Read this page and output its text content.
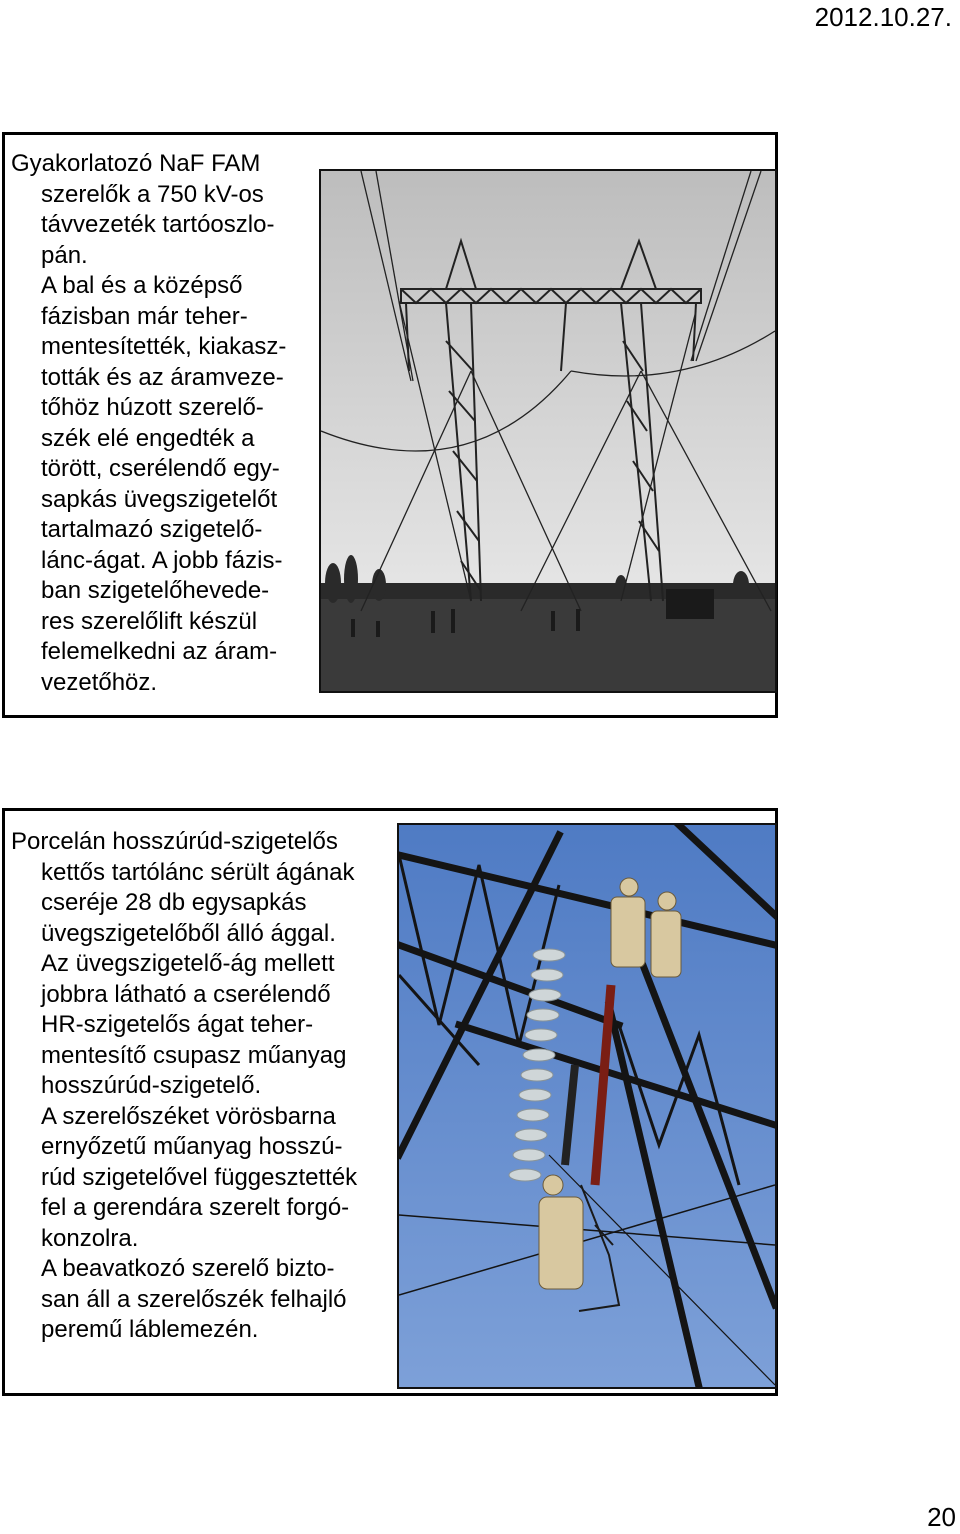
2012.10.27.

Gyakorlatozó NaF FAM

szerelők a 750 kV-os

távvezeték tartóoszlo-

pán.

A bal és a középső

fázisban már teher-

mentesítették, kiakasz-

tották és az áramveze-

tőhöz húzott szerelő-

szék elé engedték a

törött, cserélendő egy-

sapkás üvegszigetelőt

tartalmazó szigetelő-

lánc-ágat. A jobb fázis-

ban szigetelőhevede-

res szerelőlift készül

felemelkedni az áram-

vezetőhöz.

Porcelán hosszúrúd-szigetelős

kettős tartólánc sérült ágának

cseréje 28 db egysapkás

üvegszigetelőből álló ággal.

Az üvegszigetelő-ág mellett

jobbra látható a cserélendő

HR-szigetelős ágat teher-

mentesítő csupasz műanyag

hosszúrúd-szigetelő.

A szerelőszéket vörösbarna

ernyőzetű műanyag hosszú-

rúd szigetelővel függesztették

fel a gerendára szerelt forgó-

konzolra.

A beavatkozó szerelő bizto-

san áll a szerelőszék felhajló

peremű láblemezén.

20
